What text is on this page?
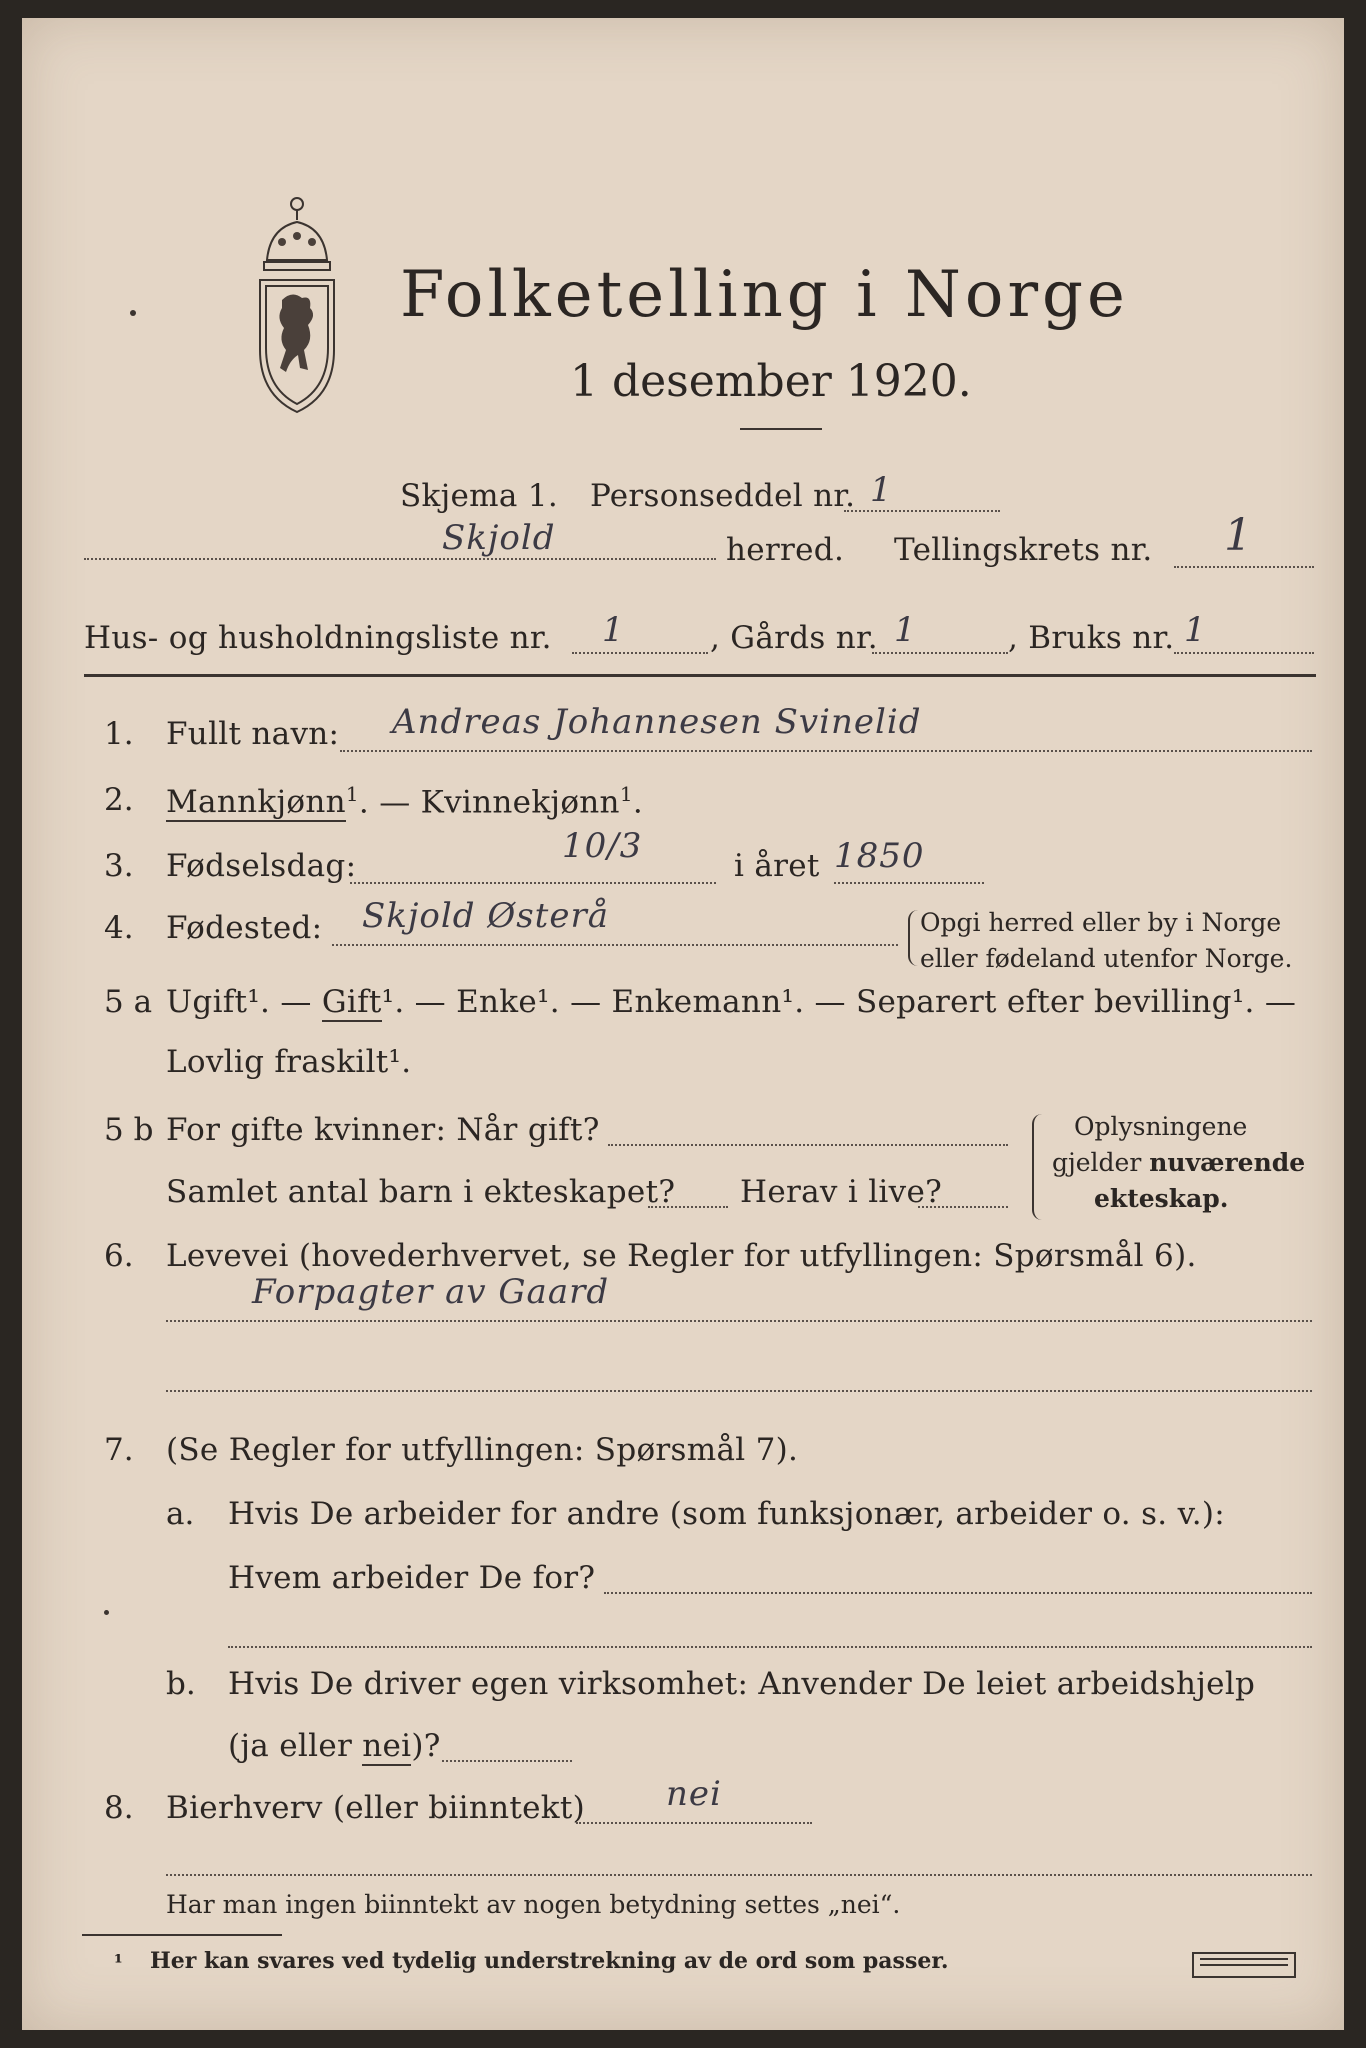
Folketelling i Norge
1 desember 1920.
Skjema 1. Personseddel nr. 1
Skjold	herred. Tellingskrets nr. 1
Hus- og husholdningsliste nr. 1	, Gårds nr. 1	, Bruks nr. 1
1. Fullt navn: Andreas Johannesen Svinelid
2. Mannkjønn$^1$. — Kvinnekjønn$^1$.
3. Fødselsdag:	10/3	i året 1850
4. Fødested: Skjold Østerå	Opgi herred eller by i Norge
eller fødeland utenfor Norge.
5 a Ugift¹. — Gift¹. — Enke¹. — Enkemann¹. — Separert efter bevilling¹. —
Lovlig fraskilt¹.
5 b For gifte kvinner: Når gift?
Samlet antal barn i ekteskapet? Herav i live?
Oplysningene
gjelder nuværende
ekteskap.
6. Levevei (hovederhvervet, se Regler for utfyllingen: Spørsmål 6).
Forpagter av Gaard
7. (Se Regler for utfyllingen: Spørsmål 7).
a. Hvis De arbeider for andre (som funksjonær, arbeider o. s. v.):
Hvem arbeider De for?
b. Hvis De driver egen virksomhet: Anvender De leiet arbeidshjelp
(ja eller nei)?
8. Bierhverv (eller biinntekt) nei
Har man ingen biinntekt av nogen betydning settes „nei“.
¹ Her kan svares ved tydelig understrekning av de ord som passer.
